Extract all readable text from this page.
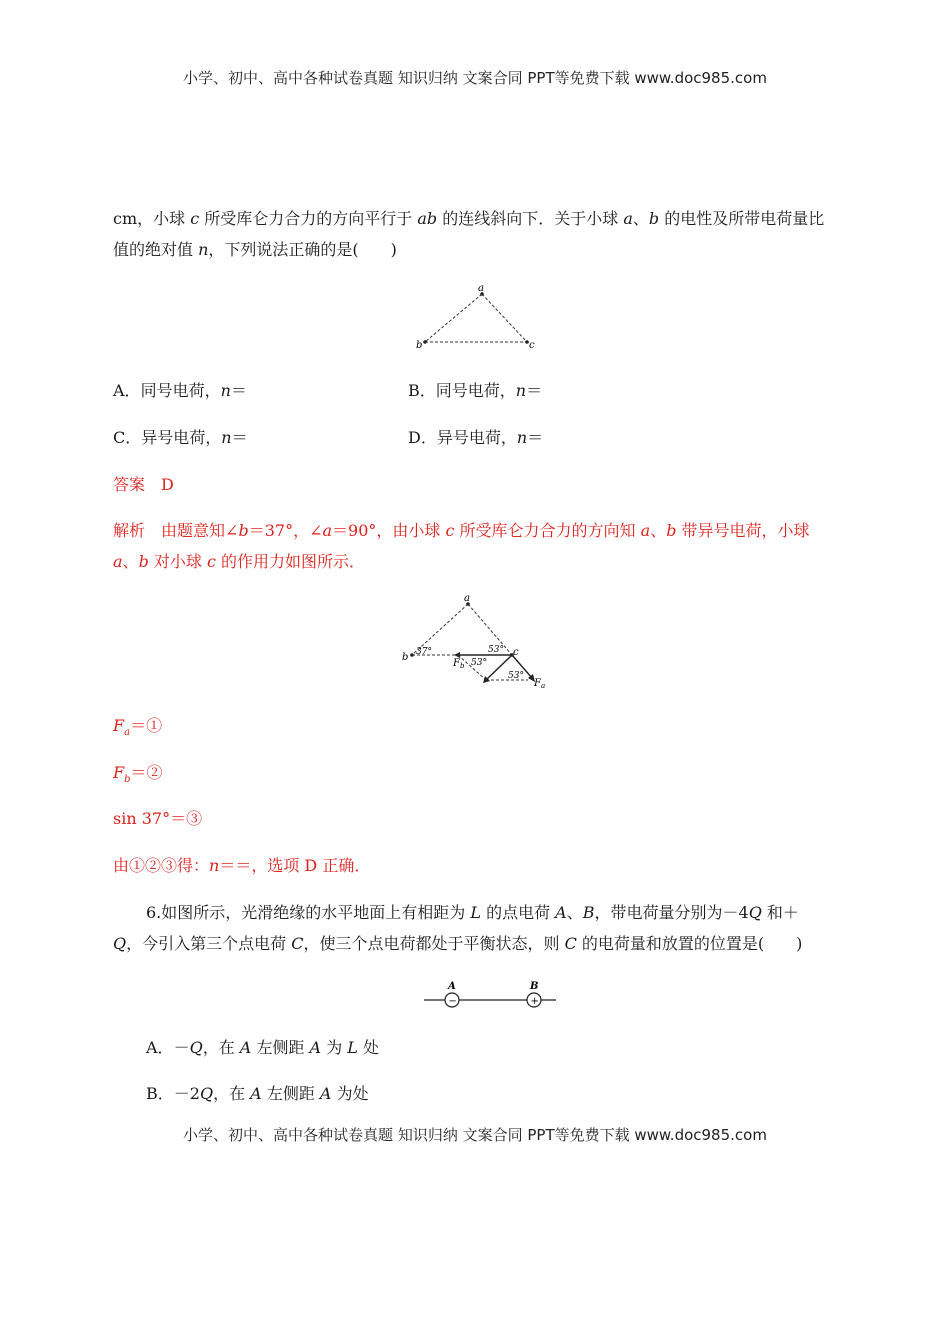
小学、初中、高中各种试卷真题 知识归纳 文案合同 PPT等免费下载 www.doc985.com
cm，小球 c 所受库仑力合力的方向平行于 ab 的连线斜向下．关于小球 a、b 的电性及所带电荷量比
值的绝对值 n，下列说法正确的是(　　)
a
b	c
A．同号电荷，n＝	B．同号电荷，n＝
C．异号电荷，n＝	D．异号电荷，n＝
答案　 D
解析　 由题意知∠b＝37°，∠a＝90°，由小球 c 所受库仑力合力的方向知 a、b 带异号电荷，小球
a、b 对小球 c 的作用力如图所示．
a
b	c
37°	53°
53°
53°
$F_b$
$F_a$
$F_a=①$
$F_b=②$
sin 37°＝③
由①②③得：n＝＝，选项 D 正确．
6.如图所示，光滑绝缘的水平地面上有相距为 L 的点电荷 A、B，带电荷量分别为－4Q 和＋
Q，今引入第三个点电荷 C，使三个点电荷都处于平衡状态，则 C 的电荷量和放置的位置是(　　)
−	+
A	B
A．－Q，在 A 左侧距 A 为 L 处
B．－2Q，在 A 左侧距 A 为处
小学、初中、高中各种试卷真题 知识归纳 文案合同 PPT等免费下载 www.doc985.com
